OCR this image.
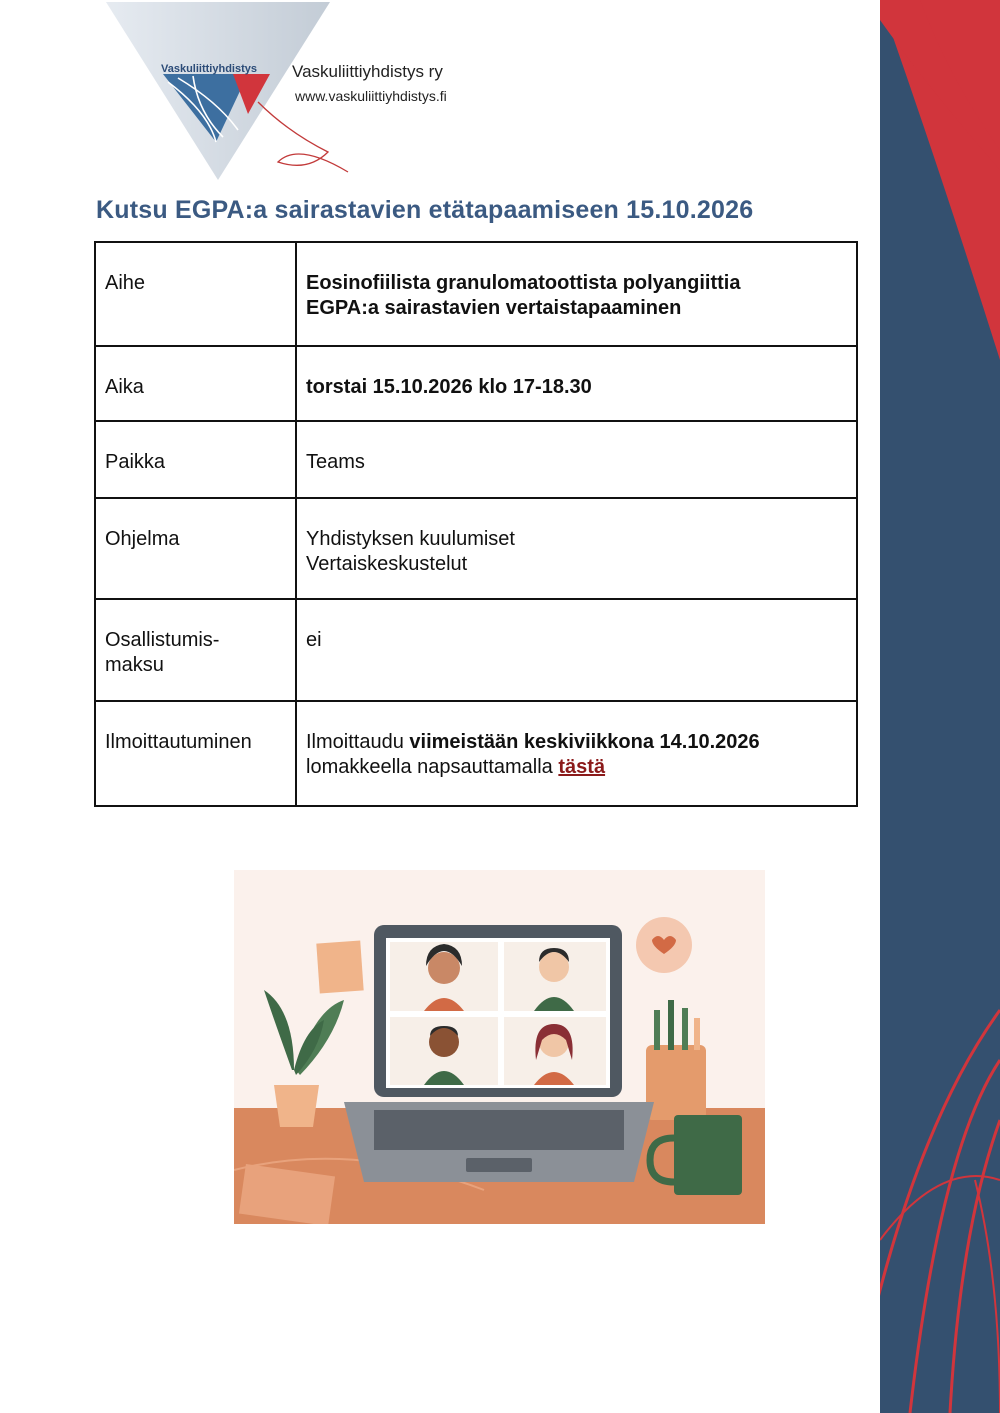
Vaskuliittiyhdistys Vaskuliittiyhdistys ry
www.vaskuliittiyhdistys.fi
Kutsu EGPA:a sairastavien etätapaamiseen 15.10.2026
Aihe	Eosinofiilista granulomatoottista polyangiittia
EGPA:a sairastavien vertaistapaaminen
Aika	torstai 15.10.2026 klo 17-18.30
Paikka	Teams
Ohjelma	Yhdistyksen kuulumiset
Vertaiskeskustelut
Osallistumis-
maksu	ei
Ilmoittautuminen	Ilmoittaudu viimeistään keskiviikkona 14.10.2026
lomakkeella napsauttamalla tästä
